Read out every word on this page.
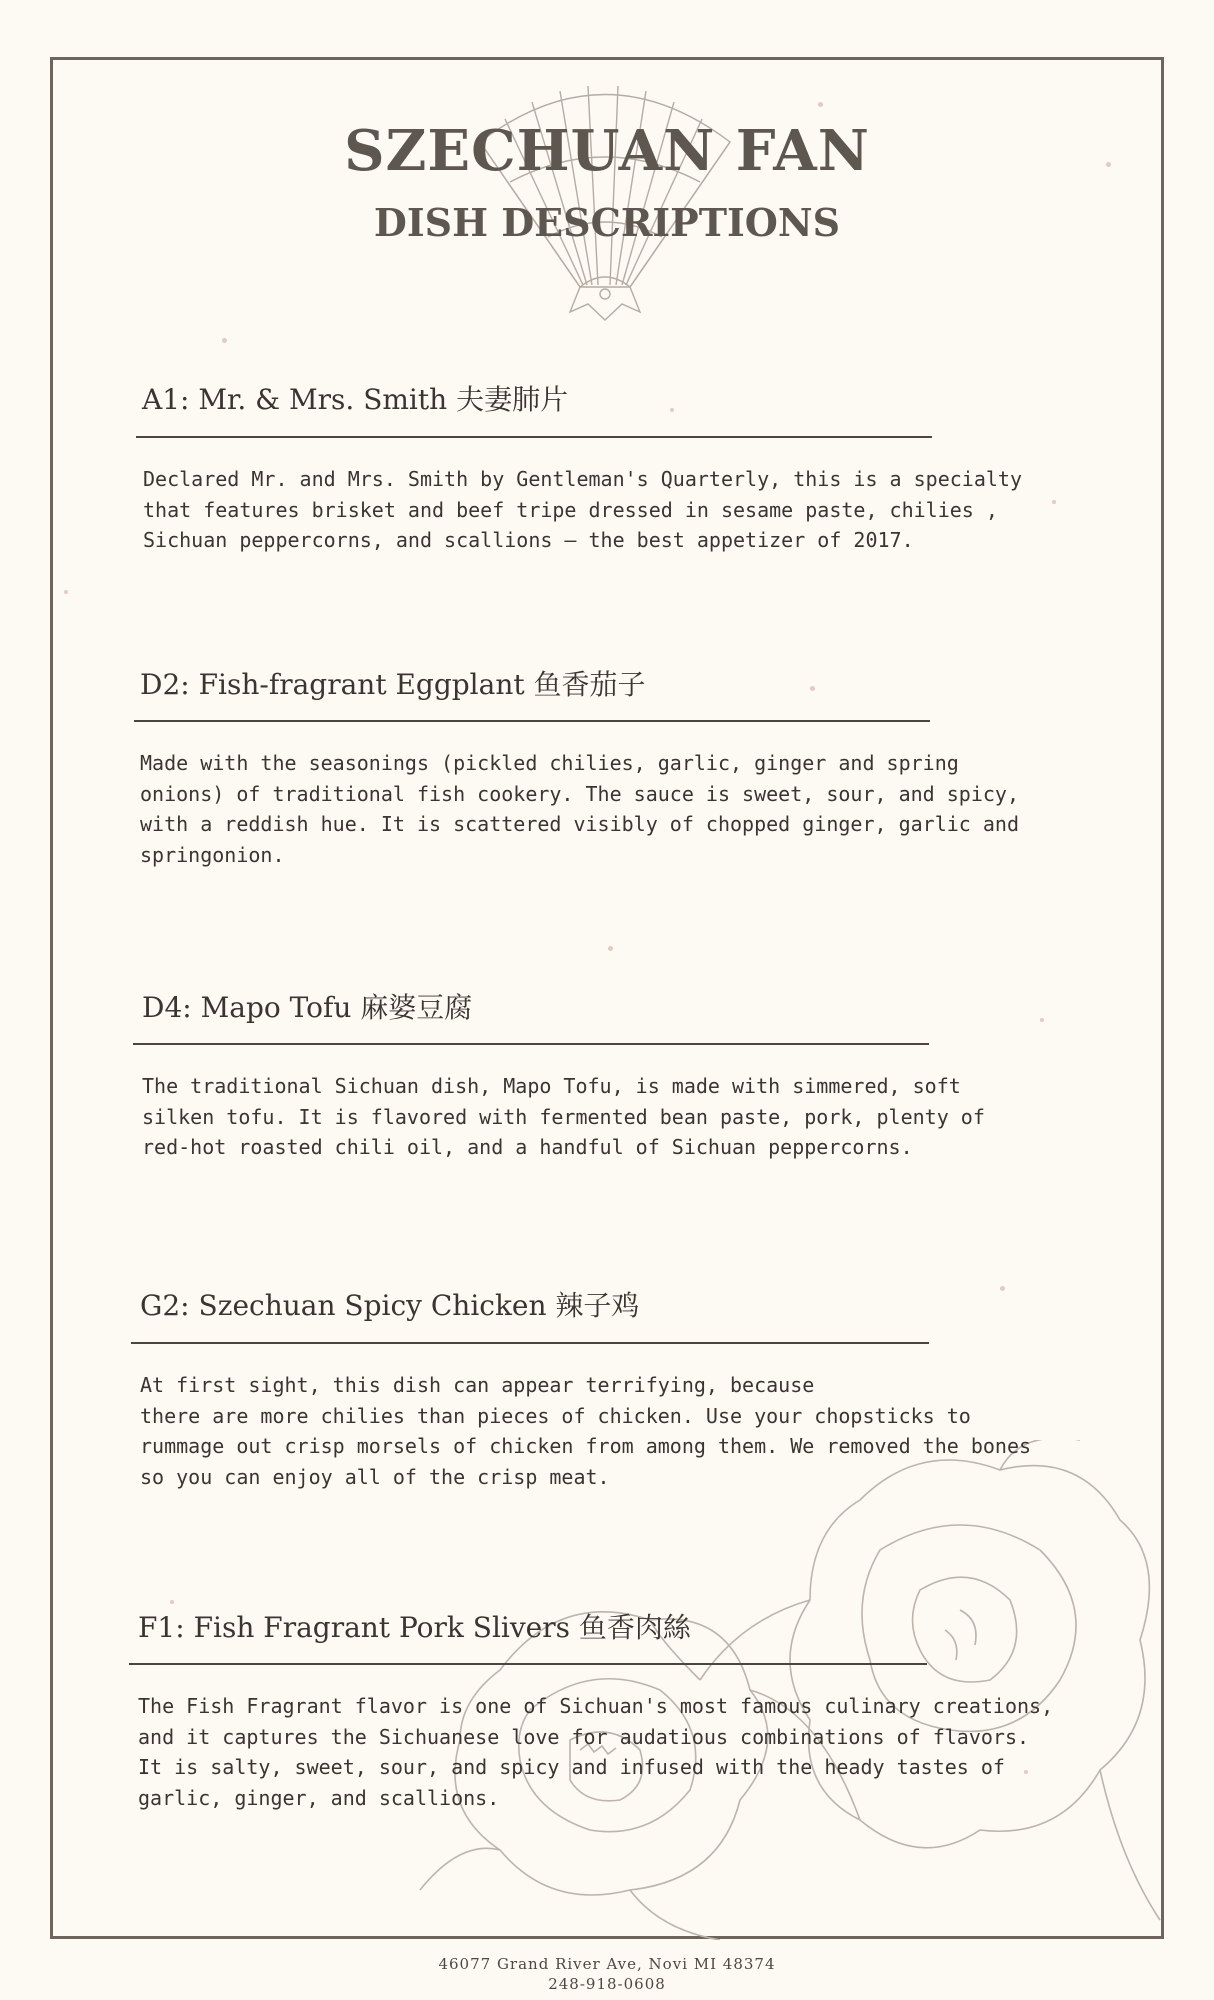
SZECHUAN FAN
DISH DESCRIPTIONS
A1: Mr. & Mrs. Smith 夫妻肺片
Declared Mr. and Mrs. Smith by Gentleman's Quarterly, this is a specialty
that features brisket and beef tripe dressed in sesame paste, chilies ,
Sichuan peppercorns, and scallions — the best appetizer of 2017.
D2: Fish-fragrant Eggplant 鱼香茄子
Made with the seasonings (pickled chilies, garlic, ginger and spring
onions) of traditional fish cookery. The sauce is sweet, sour, and spicy,
with a reddish hue. It is scattered visibly of chopped ginger, garlic and
springonion.
D4: Mapo Tofu 麻婆豆腐
The traditional Sichuan dish, Mapo Tofu, is made with simmered, soft
silken tofu. It is flavored with fermented bean paste, pork, plenty of
red-hot roasted chili oil, and a handful of Sichuan peppercorns.
G2: Szechuan Spicy Chicken 辣子鸡
At first sight, this dish can appear terrifying, because
there are more chilies than pieces of chicken. Use your chopsticks to
rummage out crisp morsels of chicken from among them. We removed the bones
so you can enjoy all of the crisp meat.
F1: Fish Fragrant Pork Slivers 鱼香肉絲
The Fish Fragrant flavor is one of Sichuan's most famous culinary creations,
and it captures the Sichuanese love for audatious combinations of flavors.
It is salty, sweet, sour, and spicy and infused with the heady tastes of
garlic, ginger, and scallions.
46077 Grand River Ave, Novi MI 48374
248-918-0608
